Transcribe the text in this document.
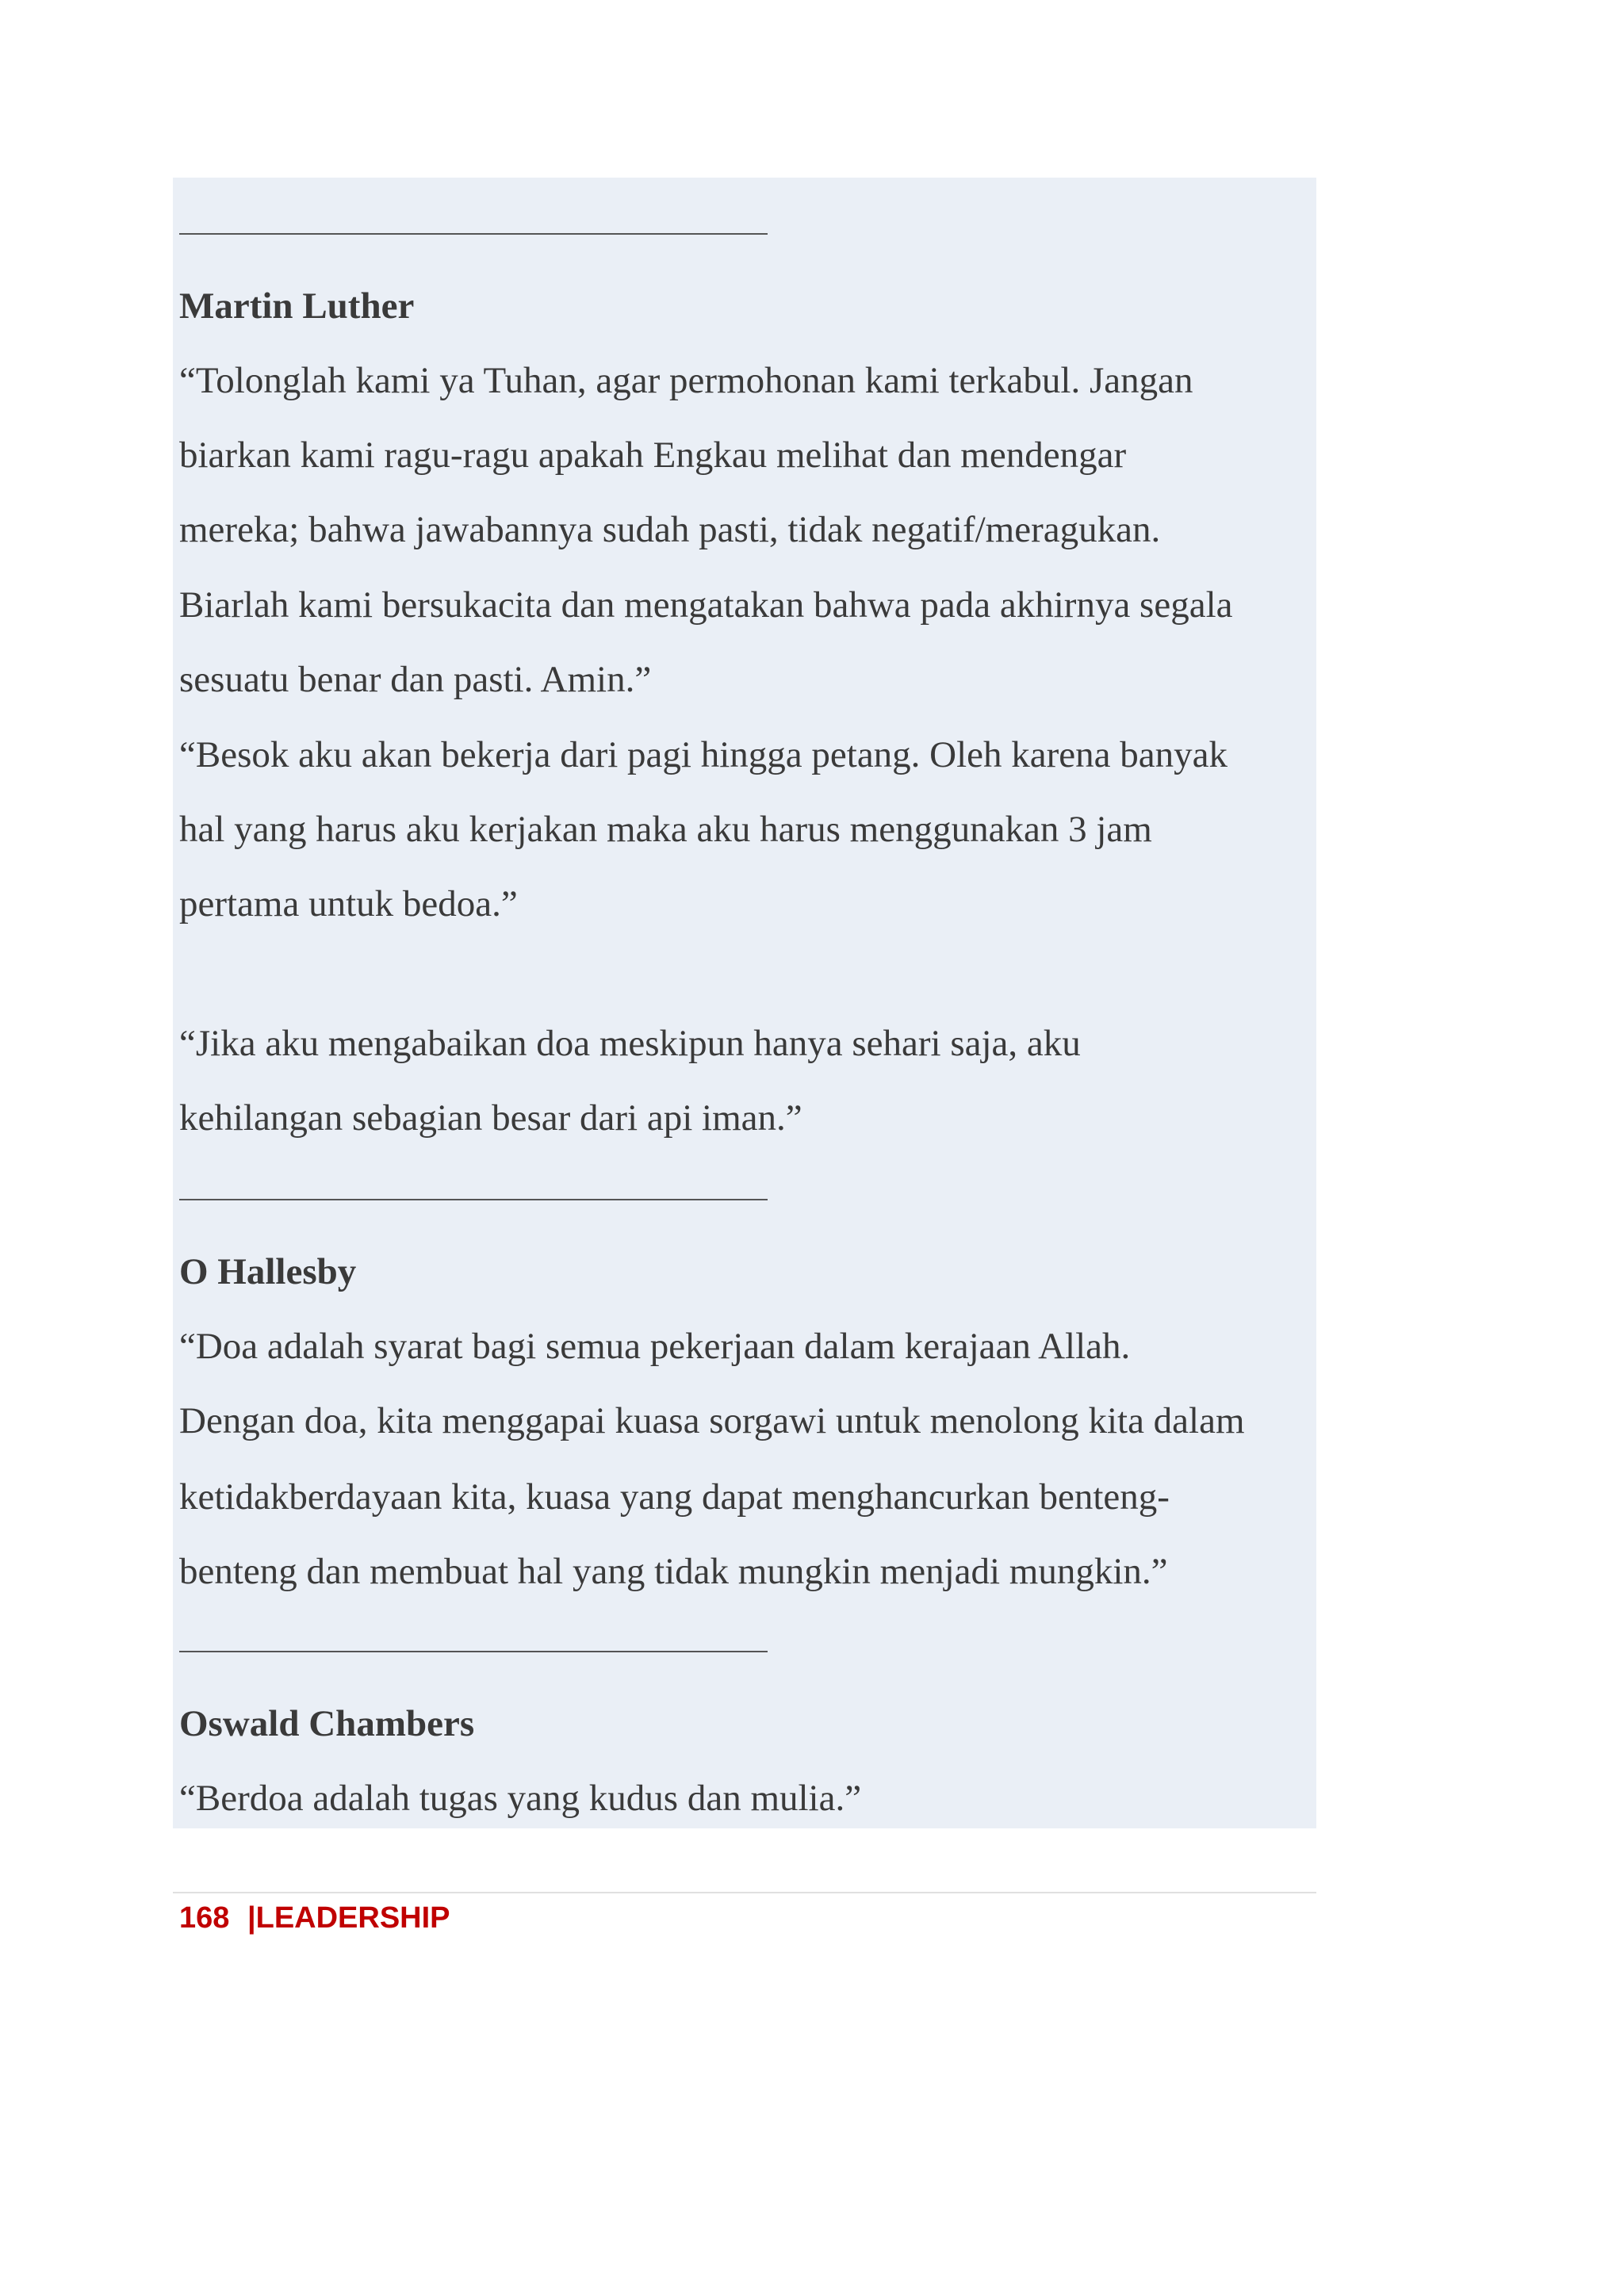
Martin Luther
“Tolonglah kami ya Tuhan, agar permohonan kami terkabul. Jangan
biarkan kami ragu-ragu apakah Engkau melihat dan mendengar
mereka; bahwa jawabannya sudah pasti, tidak negatif/meragukan.
Biarlah kami bersukacita dan mengatakan bahwa pada akhirnya segala
sesuatu benar dan pasti. Amin.”
“Besok aku akan bekerja dari pagi hingga petang. Oleh karena banyak
hal yang harus aku kerjakan maka aku harus menggunakan 3 jam
pertama untuk bedoa.”
“Jika aku mengabaikan doa meskipun hanya sehari saja, aku
kehilangan sebagian besar dari api iman.”
O Hallesby
“Doa adalah syarat bagi semua pekerjaan dalam kerajaan Allah.
Dengan doa, kita menggapai kuasa sorgawi untuk menolong kita dalam
ketidakberdayaan kita, kuasa yang dapat menghancurkan benteng-
benteng dan membuat hal yang tidak mungkin menjadi mungkin.”
Oswald Chambers
“Berdoa adalah tugas yang kudus dan mulia.”
168 |LEADERSHIP
